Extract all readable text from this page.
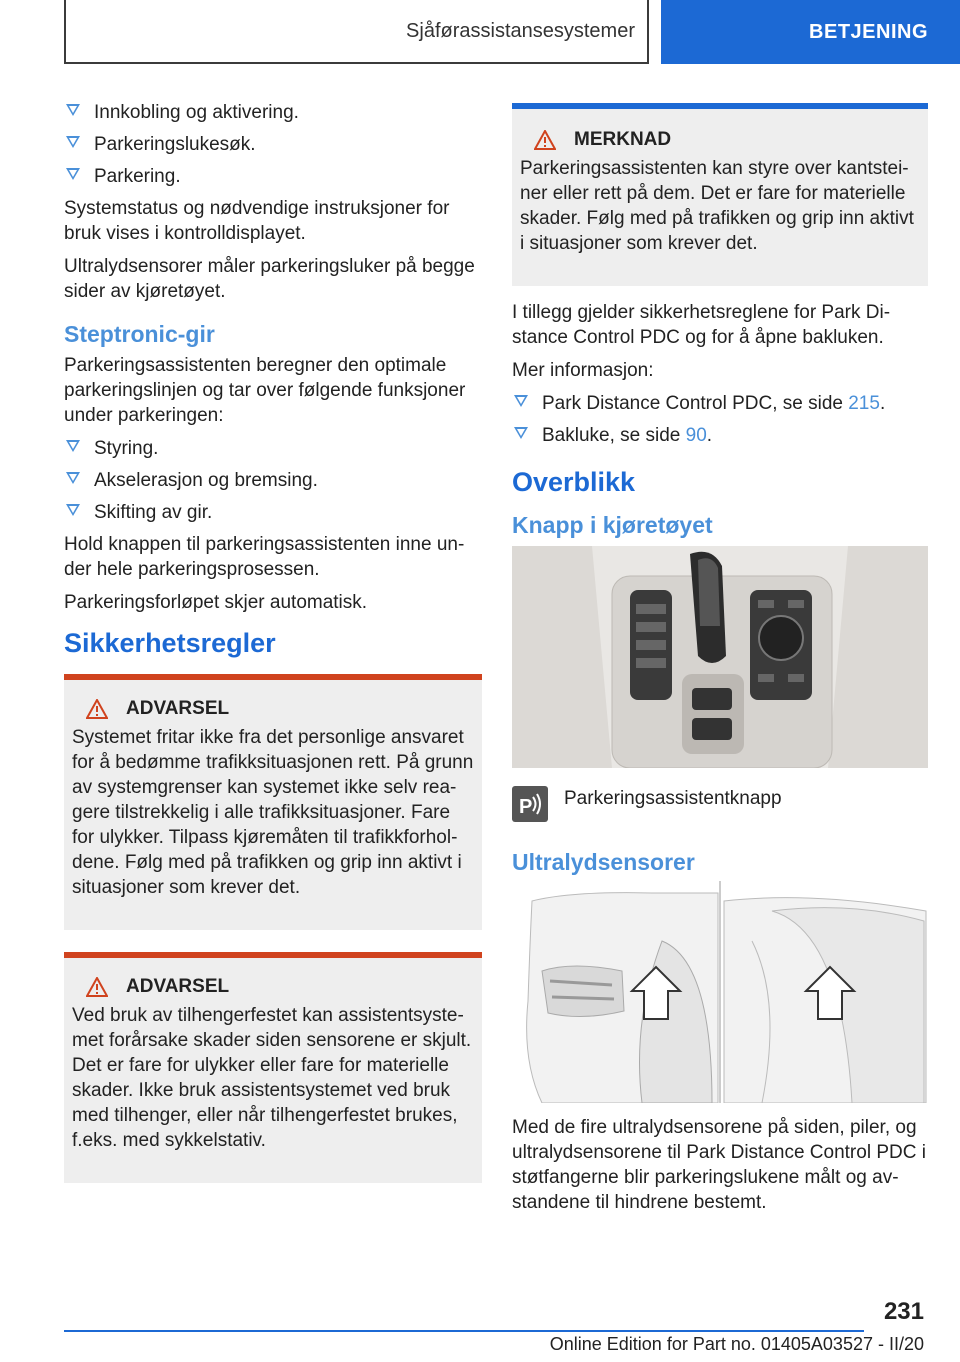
Sjåførassistansesystemer	BETJENING
Innkobling og aktivering.
Parkeringslukesøk.
Parkering.

Systemstatus og nødvendige instruksjoner for bruk vises i kontrolldisplayet.

Ultralydsensorer måler parkeringsluker på begge sider av kjøretøyet.

Steptronic-gir

Parkeringsassistenten beregner den optimale parkeringslinjen og tar over følgende funksjoner under parkeringen:

Styring.
Akselerasjon og bremsing.
Skifting av gir.

Hold knappen til parkeringsassistenten inne under hele parkeringsprosessen.

Parkeringsforløpet skjer automatisk.

Sikkerhetsregler
ADVARSEL

Systemet fritar ikke fra det personlige ansvaret for å bedømme trafikksituasjonen rett. På grunn av systemgrenser kan systemet ikke selv reagere tilstrekkelig i alle trafikksituasjoner. Fare for ulykker. Tilpass kjøremåten til trafikkforholdene. Følg med på trafikken og grip inn aktivt i situasjoner som krever det.

ADVARSEL

Ved bruk av tilhengerfestet kan assistentsystemet forårsake skader siden sensorene er skjult. Det er fare for ulykker eller fare for materielle skader. Ikke bruk assistentsystemet ved bruk med tilhenger, eller når tilhengerfestet brukes, f.eks. med sykkelstativ.

MERKNAD

Parkeringsassistenten kan styre over kantsteiner eller rett på dem. Det er fare for materielle skader. Følg med på trafikken og grip inn aktivt i situasjoner som krever det.

I tillegg gjelder sikkerhetsreglene for Park Distance Control PDC og for å åpne bakluken.

Mer informasjon:

Park Distance Control PDC, se side 215.
Bakluke, se side 90.
Overblikk
Knapp i kjøretøyet
P Parkeringsassistentknapp
Ultralydsensorer

Med de fire ultralydsensorene på siden, piler, og ultralydsensorene til Park Distance Control PDC i støtfangerne blir parkeringslukene målt og avstandene til hindrene bestemt.

231
Online Edition for Part no. 01405A03527 - II/20
